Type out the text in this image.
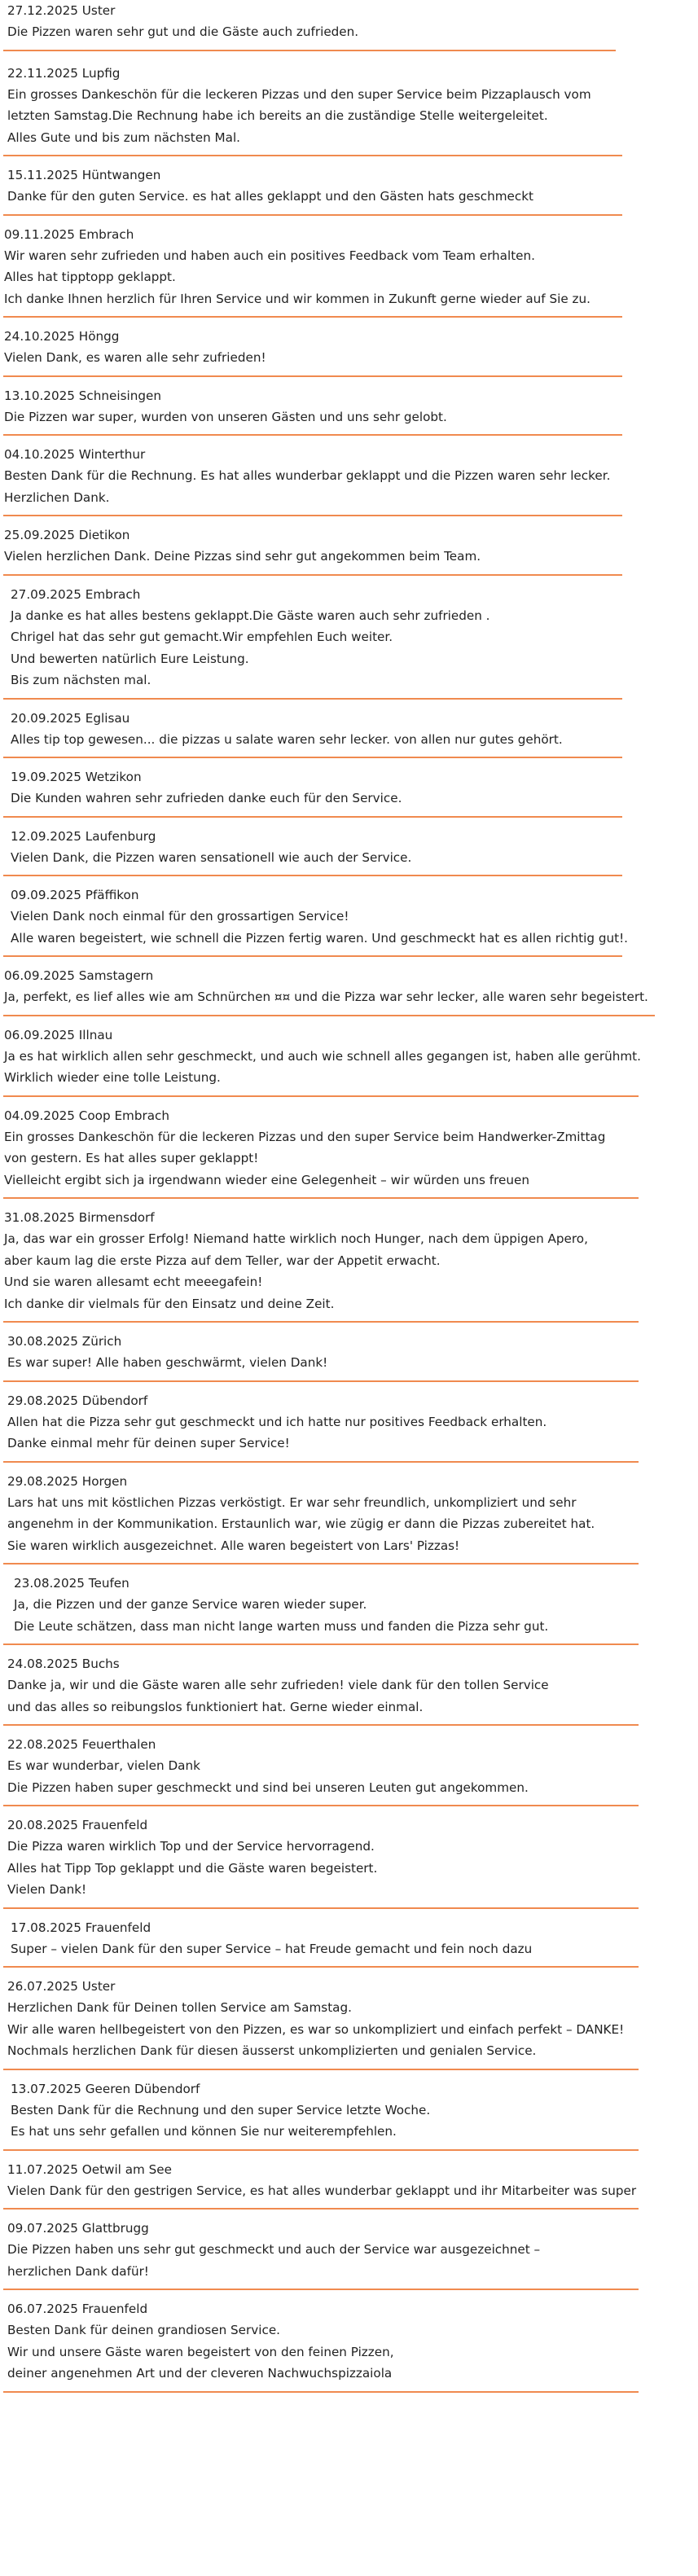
27.12.2025 Uster
Die Pizzen waren sehr gut und die Gäste auch zufrieden.
22.11.2025 Lupfig
Ein grosses Dankeschön für die leckeren Pizzas und den super Service beim Pizzaplausch vom
letzten Samstag.Die Rechnung habe ich bereits an die zuständige Stelle weitergeleitet.
Alles Gute und bis zum nächsten Mal.
15.11.2025 Hüntwangen
Danke für den guten Service. es hat alles geklappt und den Gästen hats geschmeckt
09.11.2025 Embrach
Wir waren sehr zufrieden und haben auch ein positives Feedback vom Team erhalten.
Alles hat tipptopp geklappt.
Ich danke Ihnen herzlich für Ihren Service und wir kommen in Zukunft gerne wieder auf Sie zu.
24.10.2025 Höngg
Vielen Dank, es waren alle sehr zufrieden!
13.10.2025 Schneisingen
Die Pizzen war super, wurden von unseren Gästen und uns sehr gelobt.
04.10.2025 Winterthur
Besten Dank für die Rechnung. Es hat alles wunderbar geklappt und die Pizzen waren sehr lecker.
Herzlichen Dank.
25.09.2025 Dietikon
Vielen herzlichen Dank. Deine Pizzas sind sehr gut angekommen beim Team.
27.09.2025 Embrach
Ja danke es hat alles bestens geklappt.Die Gäste waren auch sehr zufrieden .
Chrigel hat das sehr gut gemacht.Wir empfehlen Euch weiter.
Und bewerten natürlich Eure Leistung.
Bis zum nächsten mal.
20.09.2025 Eglisau
Alles tip top gewesen... die pizzas u salate waren sehr lecker. von allen nur gutes gehört.
19.09.2025 Wetzikon
Die Kunden wahren sehr zufrieden danke euch für den Service.
12.09.2025 Laufenburg
Vielen Dank, die Pizzen waren sensationell wie auch der Service.
09.09.2025 Pfäffikon
Vielen Dank noch einmal für den grossartigen Service!
Alle waren begeistert, wie schnell die Pizzen fertig waren. Und geschmeckt hat es allen richtig gut!.
06.09.2025 Samstagern
Ja, perfekt, es lief alles wie am Schnürchen ¤¤ und die Pizza war sehr lecker, alle waren sehr begeistert.
06.09.2025 Illnau
Ja es hat wirklich allen sehr geschmeckt, und auch wie schnell alles gegangen ist, haben alle gerühmt.
Wirklich wieder eine tolle Leistung.
04.09.2025 Coop Embrach
Ein grosses Dankeschön für die leckeren Pizzas und den super Service beim Handwerker-Zmittag
von gestern. Es hat alles super geklappt!
Vielleicht ergibt sich ja irgendwann wieder eine Gelegenheit – wir würden uns freuen
31.08.2025 Birmensdorf
Ja, das war ein grosser Erfolg! Niemand hatte wirklich noch Hunger, nach dem üppigen Apero,
aber kaum lag die erste Pizza auf dem Teller, war der Appetit erwacht.
Und sie waren allesamt echt meeegafein!
Ich danke dir vielmals für den Einsatz und deine Zeit.
30.08.2025 Zürich
Es war super! Alle haben geschwärmt, vielen Dank!
29.08.2025 Dübendorf
Allen hat die Pizza sehr gut geschmeckt und ich hatte nur positives Feedback erhalten.
Danke einmal mehr für deinen super Service!
29.08.2025 Horgen
Lars hat uns mit köstlichen Pizzas verköstigt. Er war sehr freundlich, unkompliziert und sehr
angenehm in der Kommunikation. Erstaunlich war, wie zügig er dann die Pizzas zubereitet hat.
Sie waren wirklich ausgezeichnet. Alle waren begeistert von Lars' Pizzas!
23.08.2025 Teufen
Ja, die Pizzen und der ganze Service waren wieder super.
Die Leute schätzen, dass man nicht lange warten muss und fanden die Pizza sehr gut.
24.08.2025 Buchs
Danke ja, wir und die Gäste waren alle sehr zufrieden! viele dank für den tollen Service
und das alles so reibungslos funktioniert hat. Gerne wieder einmal.
22.08.2025 Feuerthalen
Es war wunderbar, vielen Dank
Die Pizzen haben super geschmeckt und sind bei unseren Leuten gut angekommen.
20.08.2025 Frauenfeld
Die Pizza waren wirklich Top und der Service hervorragend.
Alles hat Tipp Top geklappt und die Gäste waren begeistert.
Vielen Dank!
17.08.2025 Frauenfeld
Super – vielen Dank für den super Service – hat Freude gemacht und fein noch dazu
26.07.2025 Uster
Herzlichen Dank für Deinen tollen Service am Samstag.
Wir alle waren hellbegeistert von den Pizzen, es war so unkompliziert und einfach perfekt – DANKE!
Nochmals herzlichen Dank für diesen äusserst unkomplizierten und genialen Service.
13.07.2025 Geeren Dübendorf
Besten Dank für die Rechnung und den super Service letzte Woche.
Es hat uns sehr gefallen und können Sie nur weiterempfehlen.
11.07.2025 Oetwil am See
Vielen Dank für den gestrigen Service, es hat alles wunderbar geklappt und ihr Mitarbeiter was super
09.07.2025 Glattbrugg
Die Pizzen haben uns sehr gut geschmeckt und auch der Service war ausgezeichnet –
herzlichen Dank dafür!
06.07.2025 Frauenfeld
Besten Dank für deinen grandiosen Service.
Wir und unsere Gäste waren begeistert von den feinen Pizzen,
deiner angenehmen Art und der cleveren Nachwuchspizzaiola
